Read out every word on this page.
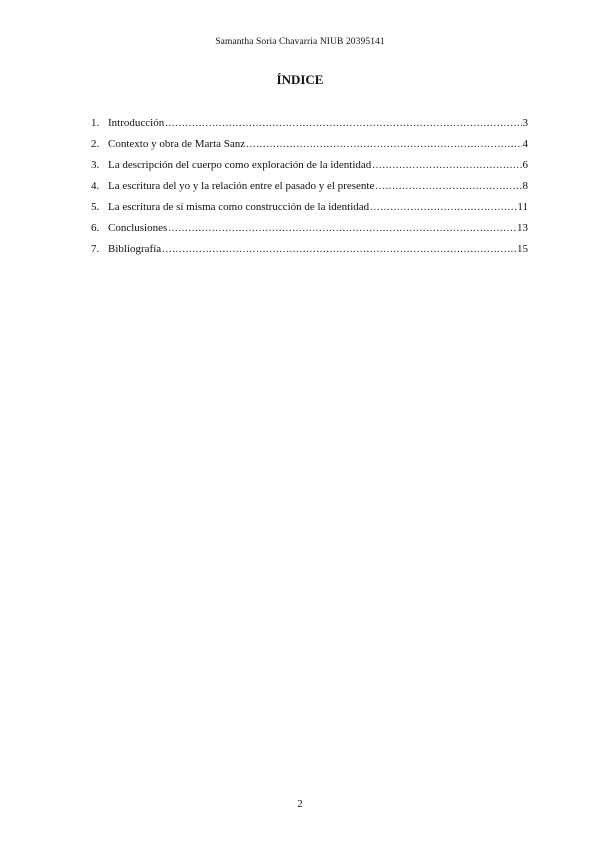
Samantha Soria Chavarria NIUB 20395141
ÍNDICE
1. Introducción .....	3
2. Contexto y obra de Marta Sanz .....	4
3. La descripción del cuerpo como exploración de la identidad .....	6
4. La escritura del yo y la relación entre el pasado y el presente .....	8
5. La escritura de sí misma como construcción de la identidad .....	11
6. Conclusiones .....	13
7. Bibliografía .....	15
2
